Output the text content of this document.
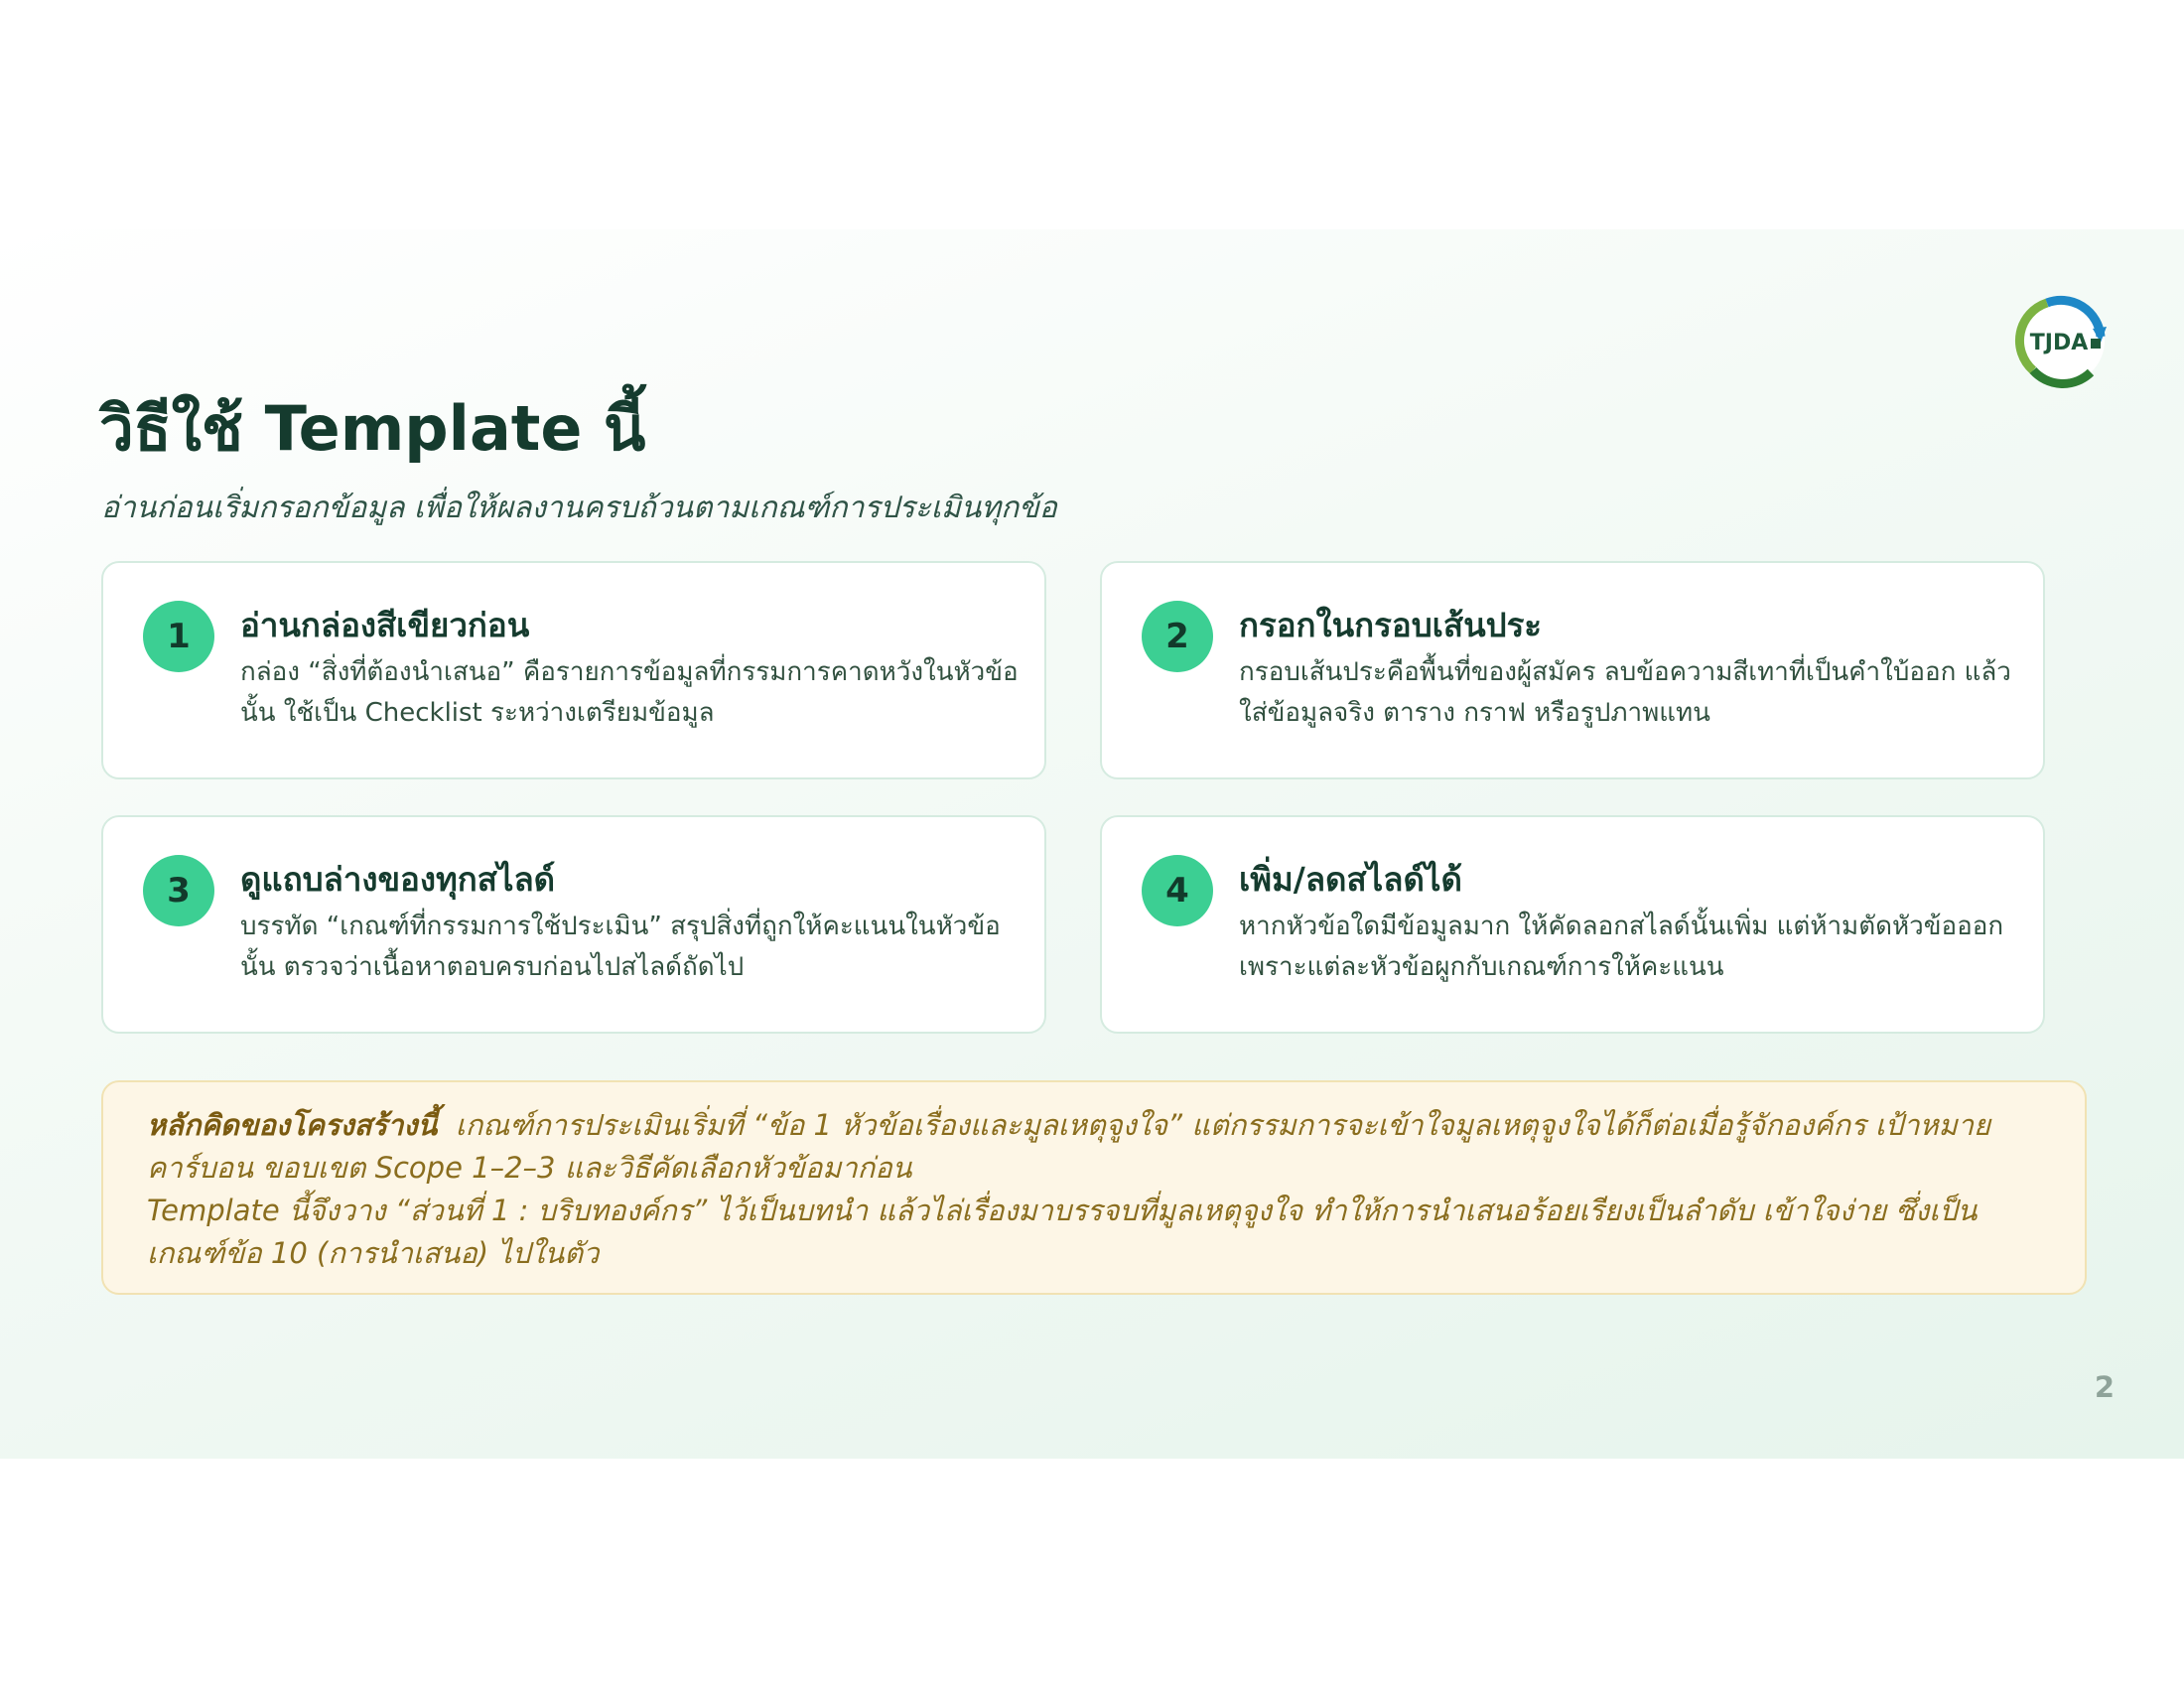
TJDA
วิธีใช้ Template นี้

อ่านก่อนเริ่มกรอกข้อมูล เพื่อให้ผลงานครบถ้วนตามเกณฑ์การประเมินทุกข้อ

1	อ่านกล่องสีเขียวก่อน

กล่อง “สิ่งที่ต้องนำเสนอ” คือรายการข้อมูลที่กรรมการคาดหวังในหัวข้อนั้น ใช้เป็น Checklist ระหว่างเตรียมข้อมูล

2	กรอกในกรอบเส้นประ

กรอบเส้นประคือพื้นที่ของผู้สมัคร ลบข้อความสีเทาที่เป็นคำใบ้ออก แล้วใส่ข้อมูลจริง ตาราง กราฟ หรือรูปภาพแทน

3	ดูแถบล่างของทุกสไลด์

บรรทัด “เกณฑ์ที่กรรมการใช้ประเมิน” สรุปสิ่งที่ถูกให้คะแนนในหัวข้อนั้น ตรวจว่าเนื้อหาตอบครบก่อนไปสไลด์ถัดไป

4	เพิ่ม/ลดสไลด์ได้

หากหัวข้อใดมีข้อมูลมาก ให้คัดลอกสไลด์นั้นเพิ่ม แต่ห้ามตัดหัวข้อออก เพราะแต่ละหัวข้อผูกกับเกณฑ์การให้คะแนน

หลักคิดของโครงสร้างนี้ เกณฑ์การประเมินเริ่มที่ “ข้อ 1 หัวข้อเรื่องและมูลเหตุจูงใจ” แต่กรรมการจะเข้าใจมูลเหตุจูงใจได้ก็ต่อเมื่อรู้จักองค์กร เป้าหมายคาร์บอน ขอบเขต Scope 1–2–3 และวิธีคัดเลือกหัวข้อมาก่อน

Template นี้จึงวาง “ส่วนที่ 1 : บริบทองค์กร” ไว้เป็นบทนำ แล้วไล่เรื่องมาบรรจบที่มูลเหตุจูงใจ ทำให้การนำเสนอร้อยเรียงเป็นลำดับ เข้าใจง่าย ซึ่งเป็นเกณฑ์ข้อ 10 (การนำเสนอ) ไปในตัว

2
